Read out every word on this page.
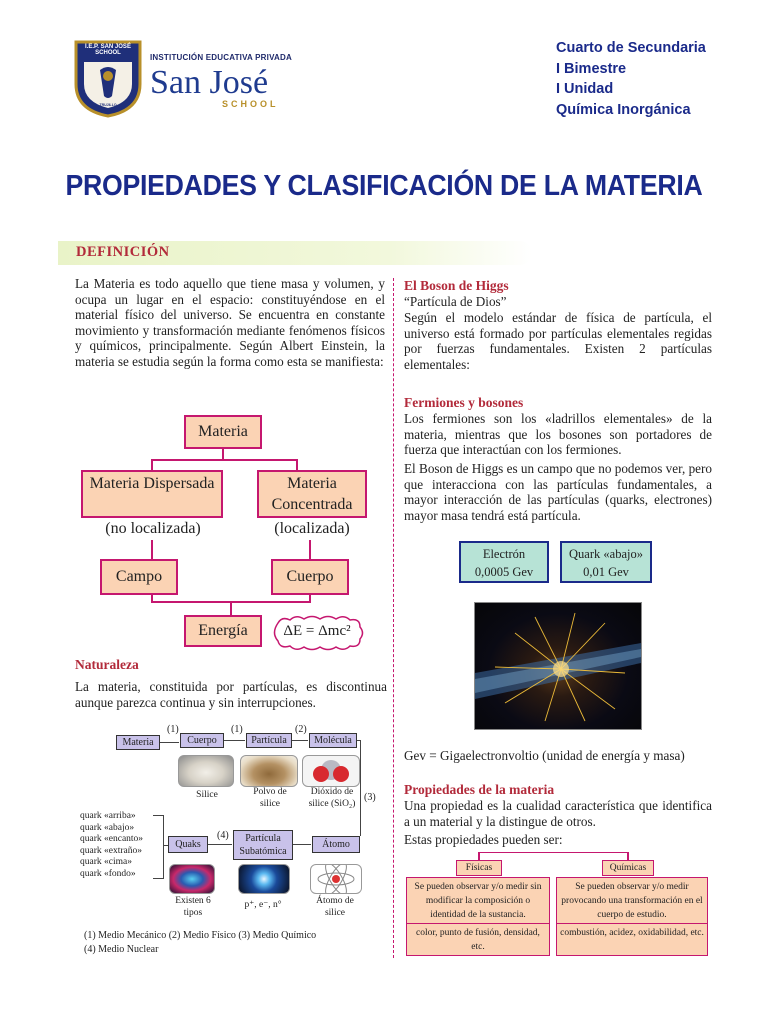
I.E.P. SAN JOSÉ SCHOOL
TRUJILLO
INSTITUCIÓN EDUCATIVA PRIVADA
San José
SCHOOL
Cuarto de Secundaria
I Bimestre
I Unidad
Química Inorgánica
PROPIEDADES Y CLASIFICACIÓN DE LA MATERIA
DEFINICIÓN
La Materia es todo aquello que tiene masa y volumen, y ocupa un lugar en el espacio: constituyéndose en el material físico del universo. Se encuentra en constante movimiento y transformación mediante fenómenos físicos y químicos, principalmente. Según Albert Einstein, la materia se estudia según la forma como esta se manifiesta:
Materia
Materia Dispersada	Materia Concentrada
(no localizada)	(localizada)
Campo	Cuerpo
Energía	ΔE = Δmc²
Naturaleza
La materia, constituida por partículas, es discontinua aunque parezca continua y sin interrupciones.
Materia
(1)
Cuerpo
(1)
Partícula
(2)
Molécula
(3)
Silice	Polvo de silice
Dióxido de silice (SiO₂)
quark «arriba»
quark «abajo»
quark «encanto»
quark «extraño»
quark «cima»
quark «fondo»
Quaks
(4)	Partícula Subatómica
Átomo
Existen 6 tipos
p⁺, e⁻, n°	Átomo de silice
(1) Medio Mecánico (2) Medio Físico (3) Medio Químico
(4) Medio Nuclear
El Boson de Higgs
“Partícula de Dios”
Según el modelo estándar de física de partícula, el universo está formado por partículas elementales regidas por fuerzas fundamentales. Existen 2 partículas elementales:
Fermiones y bosones
Los fermiones son los «ladrillos elementales» de la materia, mientras que los bosones son portadores de fuerza que interactúan con los fermiones.
El Boson de Higgs es un campo que no podemos ver, pero que interacciona con las partículas fundamentales, a mayor interacción de las partículas (quarks, electrones) mayor masa tendrá está partícula.
Electrón
0,0005 Gev
Quark «abajo»
0,01 Gev
Gev = Gigaelectronvoltio (unidad de energía y masa)
Propiedades de la materia
Una propiedad es la cualidad característica que identifica a un material y la distingue de otros.
Estas propiedades pueden ser:
Físicas	Químicas
Se pueden observar y/o medir sin modificar la composición o identidad de la sustancia.
Se pueden observar y/o medir provocando una transformación en el cuerpo de estudio.
color, punto de fusión, densidad, etc.
combustión, acidez, oxidabilidad, etc.
